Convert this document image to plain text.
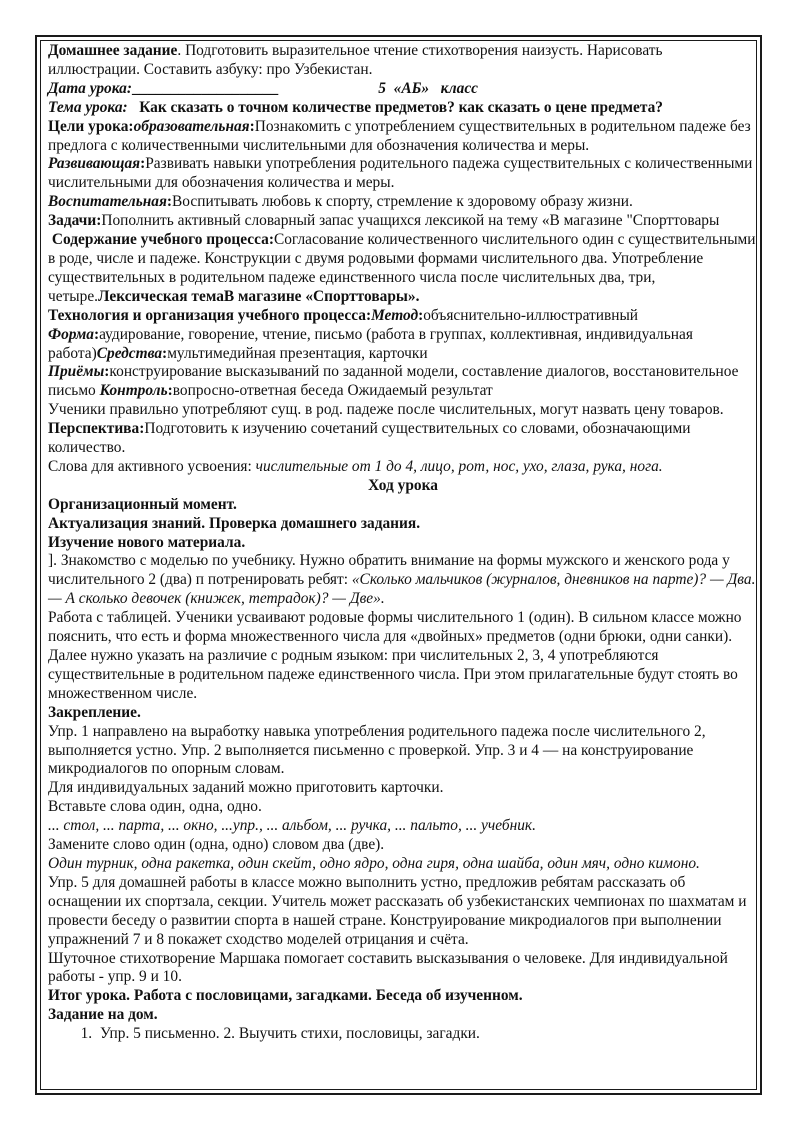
Домашнее задание. Подготовить выразительное чтение стихотворения наизусть. Нарисовать иллюстрации. Составить азбуку: про Узбекистан.

Дата урока:___________________	5  «АБ»   класс

Тема урока: Как сказать о точном количестве предметов? как сказать о цене предмета?

Цели урока:образовательная:Познакомить с употреблением существительных в родительном падеже без предлога с количественными числительными для обозначения количества и меры.

Развивающая:Развивать навыки употребления родительного падежа существительных с количественными числительными для обозначения количества и меры.

Воспитательная:Воспитывать любовь к спорту, стремление к здоровому образу жизни.

Задачи:Пополнить активный словарный запас учащихся лексикой на тему «В магазине "Спорттовары

Содержание учебного процесса:Согласование количественного числительного один с существительными в роде, числе и падеже. Конструкции с двумя родовыми формами числительного два. Употребление существительных в родительном падеже единственного числа после числительных два, три, четыре.Лексическая темаВ магазине «Спорттовары».

Технология и организация учебного процесса:Метод:объяснительно-иллюстративный
Форма:аудирование, говорение, чтение, письмо (работа в группах, коллективная, индивидуальная работа)Средства:мультимедийная презентация, карточки

Приёмы:конструирование высказываний по заданной модели, составление диалогов, восстановительное письмо Контроль:вопросно-ответная беседа Ожидаемый результат

Ученики правильно употребляют сущ. в род. падеже после числительных, могут назвать цену товаров.

Перспектива:Подготовить к изучению сочетаний существительных со словами, обозначающими количество.

Слова для активного усвоения: числительные от 1 до 4, лицо, рот, нос, ухо, глаза, рука, нога.

Ход урока

Организационный момент.

Актуализация знаний. Проверка домашнего задания.

Изучение нового материала.

]. Знакомство с моделью по учебнику. Нужно обратить внимание на формы мужского и женского рода у числительного 2 (два) п потренировать ребят: «Сколько мальчиков (журналов, дневников на парте)? — Два. — А сколько девочек (книжек, тетрадок)? — Две».

Работа с таблицей. Ученики усваивают родовые формы числительного 1 (один). В сильном классе можно пояснить, что есть и форма множественного числа для «двойных» предметов (одни брюки, одни санки). Далее нужно указать на различие с родным языком: при числительных 2, 3, 4 употребляются существительные в родительном падеже единственного числа. При этом прилагательные будут стоять во множественном числе.

Закрепление.

Упр. 1 направлено на выработку навыка употребления родительного падежа после числительного 2, выполняется устно. Упр. 2 выполняется письменно с проверкой. Упр. 3 и 4 — на конструирование микродиалогов по опорным словам.

Для индивидуальных заданий можно приготовить карточки.

Вставьте слова один, одна, одно.

... стол, ... парта, ... окно, ...упр., ... альбом, ... ручка, ... пальто, ... учебник.

Замените слово один (одна, одно) словом два (две).

Один турник, одна ракетка, один скейт, одно ядро, одна гиря, одна шайба, один мяч, одно кимоно.

Упр. 5 для домашней работы в классе можно выполнить устно, предложив ребятам рассказать об оснащении их спортзала, секции. Учитель может рассказать об узбекистанских чемпионах по шахматам и провести беседу о развитии спорта в нашей стране. Конструирование микродиалогов при выполнении упражнений 7 и 8 покажет сходство моделей отрицания и счёта.

Шуточное стихотворение Маршака помогает составить высказывания о человеке. Для индивидуальной работы - упр. 9 и 10.

Итог урока. Работа с пословицами, загадками. Беседа об изученном.

Задание на дом.

1. Упр. 5 письменно. 2. Выучить стихи, пословицы, загадки.
